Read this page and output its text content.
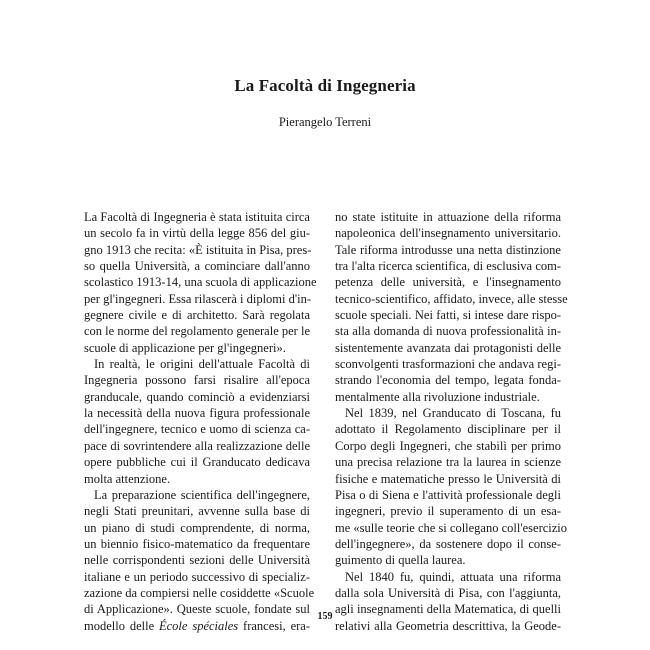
La Facoltà di Ingegneria
Pierangelo Terreni
La Facoltà di Ingegneria è stata istituita circa
un secolo fa in virtù della legge 856 del giu-
gno 1913 che recita: «È istituita in Pisa, pres-
so quella Università, a cominciare dall'anno
scolastico 1913-14, una scuola di applicazione
per gl'ingegneri. Essa rilascerà i diplomi d'in-
gegnere civile e di architetto. Sarà regolata
con le norme del regolamento generale per le
scuole di applicazione per gl'ingegneri».
In realtà, le origini dell'attuale Facoltà di
Ingegneria possono farsi risalire all'epoca
granducale, quando cominciò a evidenziarsi
la necessità della nuova figura professionale
dell'ingegnere, tecnico e uomo di scienza ca-
pace di sovrintendere alla realizzazione delle
opere pubbliche cui il Granducato dedicava
molta attenzione.
La preparazione scientifica dell'ingegnere,
negli Stati preunitari, avvenne sulla base di
un piano di studi comprendente, di norma,
un biennio fisico-matematico da frequentare
nelle corrispondenti sezioni delle Università
italiane e un periodo successivo di specializ-
zazione da compiersi nelle cosiddette «Scuole
di Applicazione». Queste scuole, fondate sul
modello delle École spéciales francesi, era-
no state istituite in attuazione della riforma
napoleonica dell'insegnamento universitario.
Tale riforma introdusse una netta distinzione
tra l'alta ricerca scientifica, di esclusiva com-
petenza delle università, e l'insegnamento
tecnico-scientifico, affidato, invece, alle stesse
scuole speciali. Nei fatti, si intese dare rispo-
sta alla domanda di nuova professionalità in-
sistentemente avanzata dai protagonisti delle
sconvolgenti trasformazioni che andava regi-
strando l'economia del tempo, legata fonda-
mentalmente alla rivoluzione industriale.
Nel 1839, nel Granducato di Toscana, fu
adottato il Regolamento disciplinare per il
Corpo degli Ingegneri, che stabilì per primo
una precisa relazione tra la laurea in scienze
fisiche e matematiche presso le Università di
Pisa o di Siena e l'attività professionale degli
ingegneri, previo il superamento di un esa-
me «sulle teorie che si collegano coll'esercizio
dell'ingegnere», da sostenere dopo il conse-
guimento di quella laurea.
Nel 1840 fu, quindi, attuata una riforma
dalla sola Università di Pisa, con l'aggiunta,
agli insegnamenti della Matematica, di quelli
relativi alla Geometria descrittiva, la Geode-
159
